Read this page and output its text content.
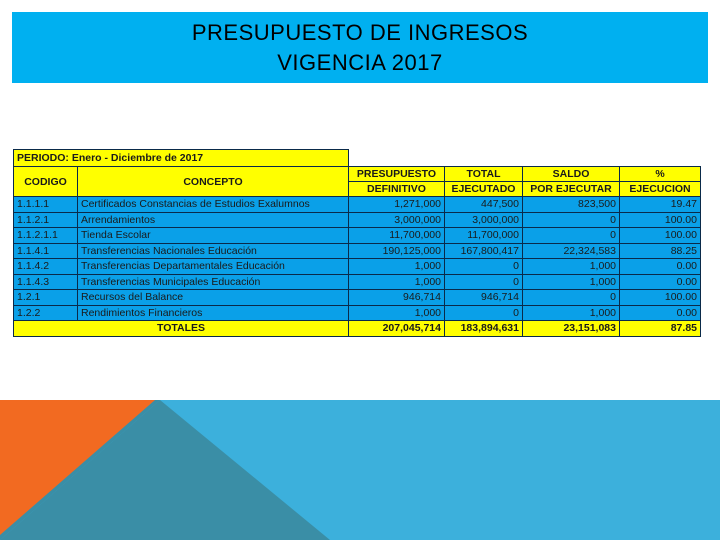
PRESUPUESTO DE INGRESOS
VIGENCIA 2017
PERIODO: Enero - Diciembre de 2017					
CODIGO	CONCEPTO	PRESUPUESTO	TOTAL	SALDO	%
		DEFINITIVO	EJECUTADO	POR EJECUTAR	EJECUCION
1.1.1.1	Certificados Constancias de Estudios Exalumnos	1,271,000	447,500	823,500	19.47
1.1.2.1	Arrendamientos	3,000,000	3,000,000	0	100.00
1.1.2.1.1	Tienda Escolar	11,700,000	11,700,000	0	100.00
1.1.4.1	Transferencias Nacionales Educación	190,125,000	167,800,417	22,324,583	88.25
1.1.4.2	Transferencias Departamentales Educación	1,000	0	1,000	0.00
1.1.4.3	Transferencias Municipales Educación	1,000	0	1,000	0.00
1.2.1	Recursos del Balance	946,714	946,714	0	100.00
1.2.2	Rendimientos Financieros	1,000	0	1,000	0.00
TOTALES		207,045,714	183,894,631	23,151,083	87.85
